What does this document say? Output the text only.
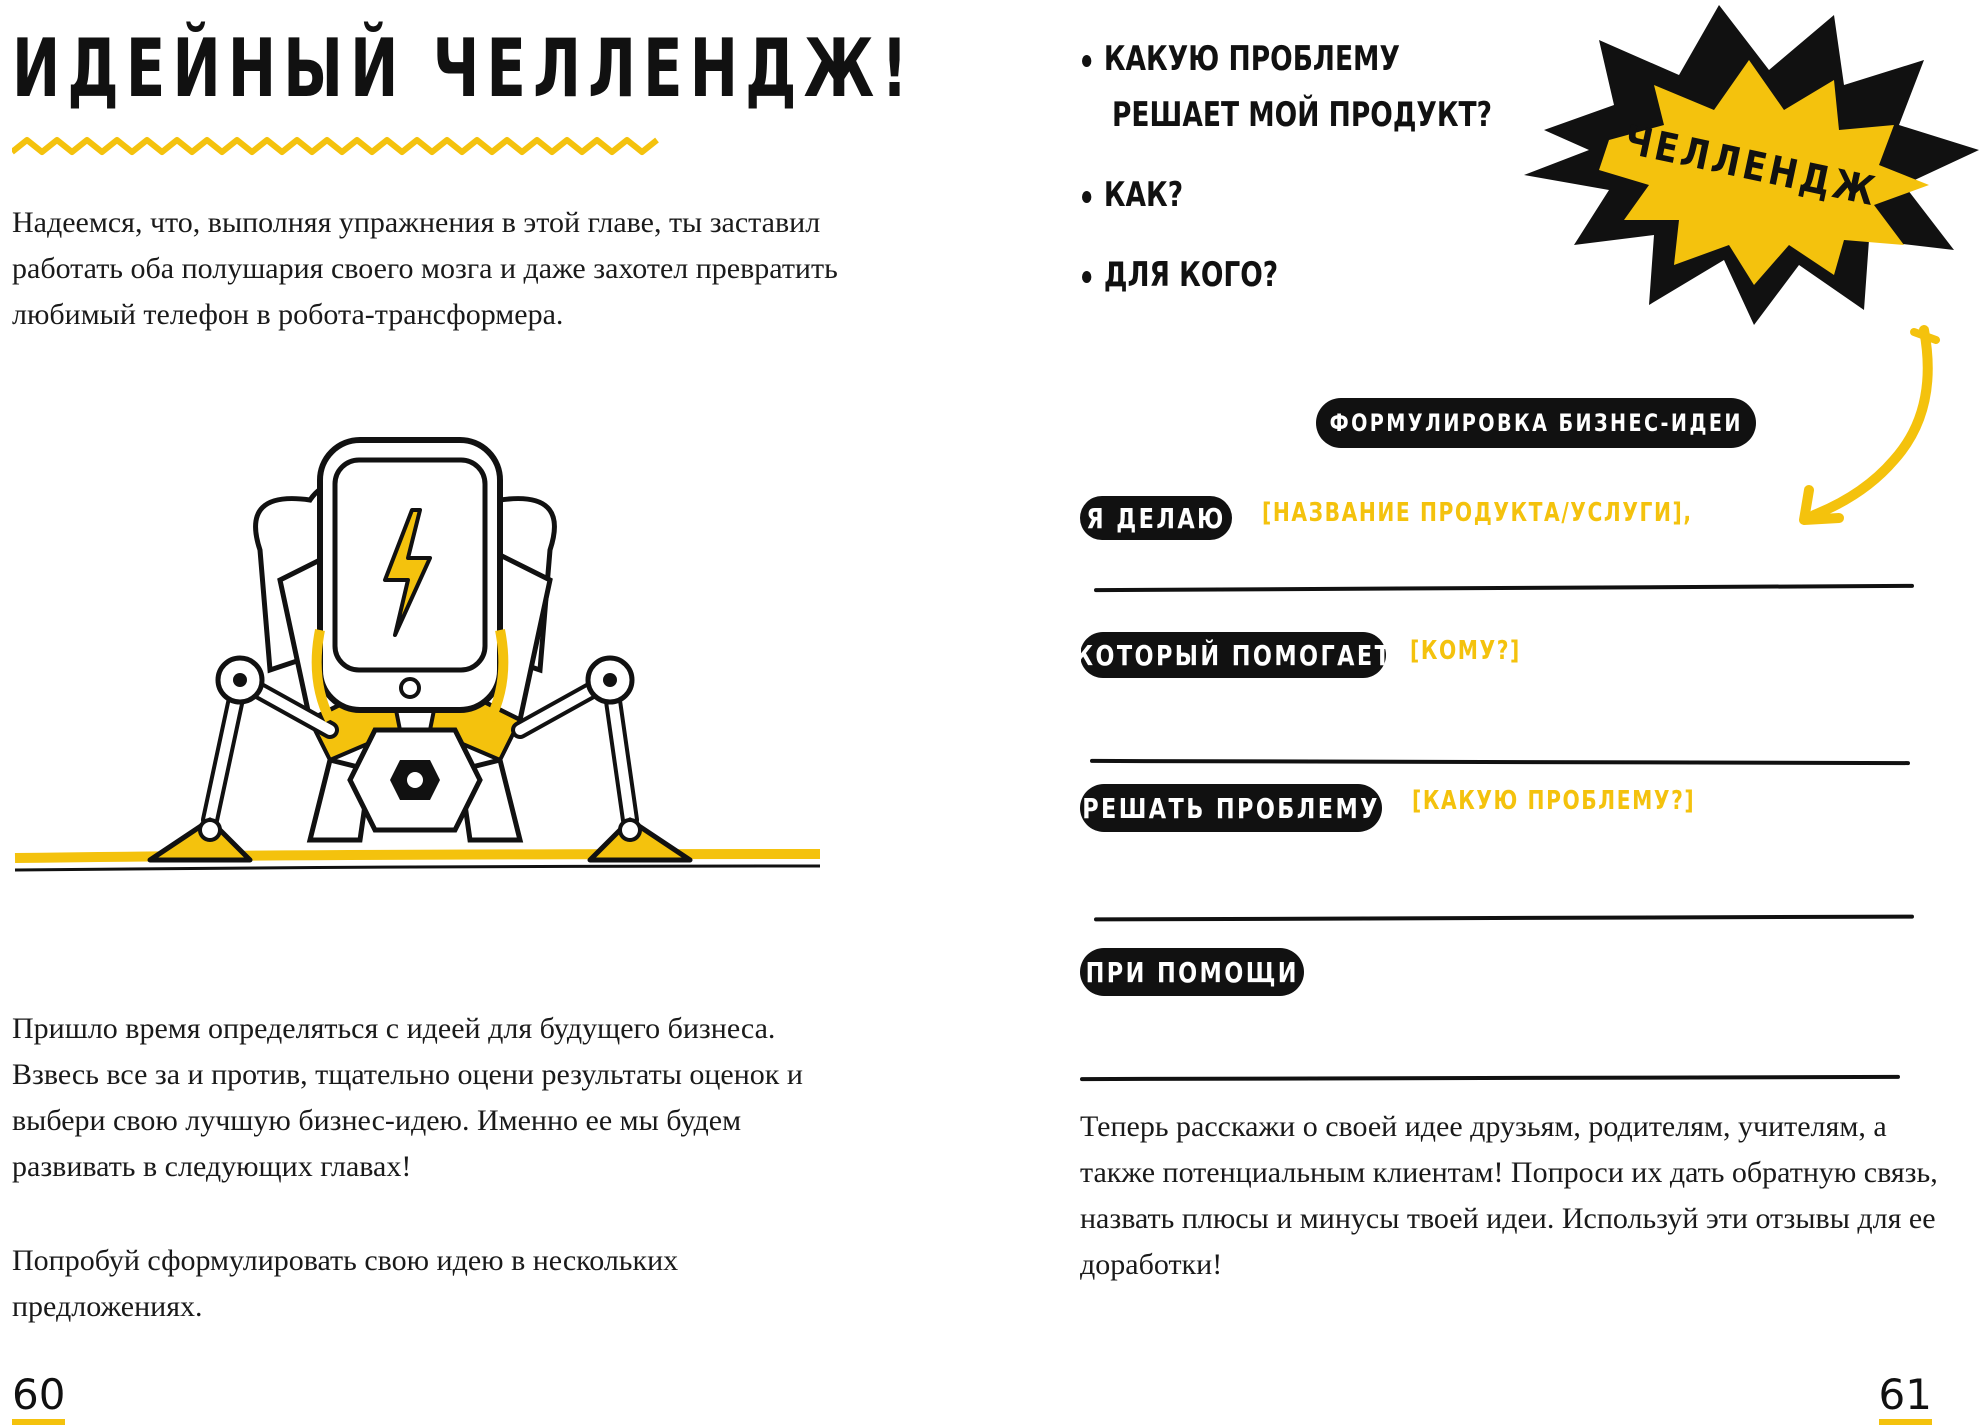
ИДЕЙНЫЙ ЧЕЛЛЕНДЖ!

Надеемся, что, выполняя упражнения в этой главе, ты заставил работать оба полушария своего мозга и даже захотел превратить любимый телефон в робота-трансформера.

Пришло время определяться с идеей для будущего бизнеса. Взвесь все за и против, тщательно оцени результаты оценок и выбери свою лучшую бизнес-идею. Именно ее мы будем развивать в следующих главах!

Попробуй сформулировать свою идею в нескольких предложениях.

60
КАКУЮ ПРОБЛЕМУ
РЕШАЕТ МОЙ ПРОДУКТ?
КАК?
ДЛЯ КОГО?
ЧЕЛЛЕНДЖ
ФОРМУЛИРОВКА БИЗНЕС-ИДЕИ
Я ДЕЛАЮ [НАЗВАНИЕ ПРОДУКТА/УСЛУГИ],
КОТОРЫЙ ПОМОГАЕТ [КОМУ?]
РЕШАТЬ ПРОБЛЕМУ [КАКУЮ ПРОБЛЕМУ?]
ПРИ ПОМОЩИ

Теперь расскажи о своей идее друзьям, родителям, учителям, а также потенциальным клиентам! Попроси их дать обратную связь, назвать плюсы и минусы твоей идеи. Используй эти отзывы для ее доработки!

61
